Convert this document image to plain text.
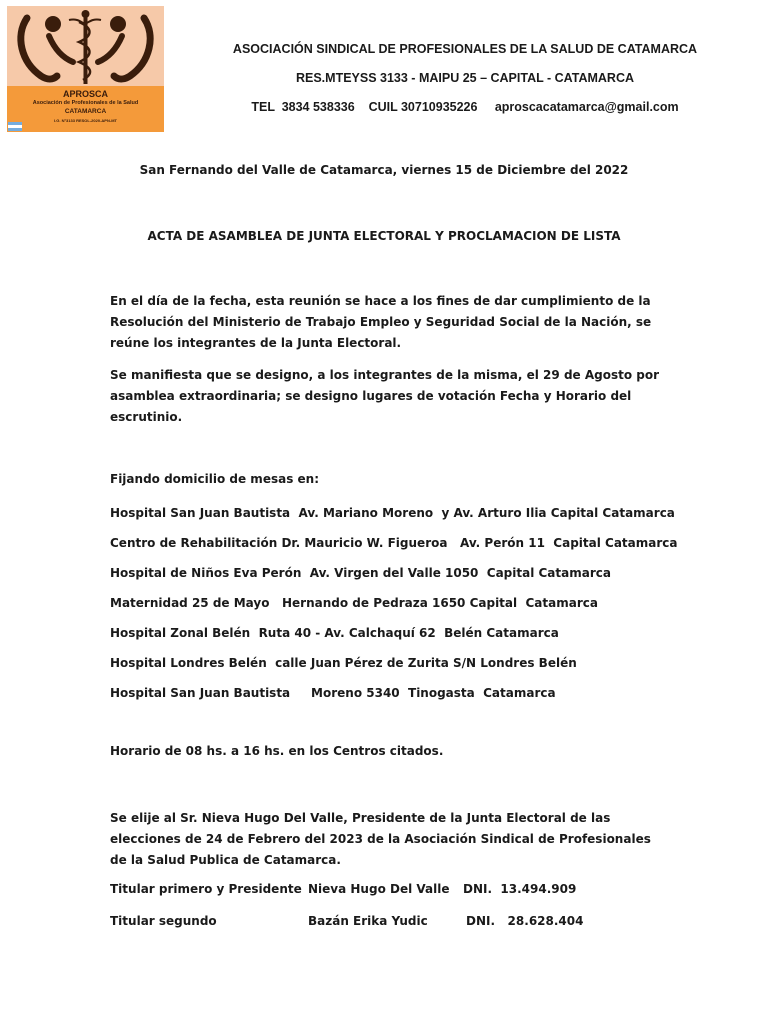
APROSCA
Asociación de Profesionales de la Salud
CATAMARCA
I.G. N°3133 RESOL-2020-APN-MT
ASOCIACIÓN SINDICAL DE PROFESIONALES DE LA SALUD DE CATAMARCA
RES.MTEYSS 3133 - MAIPU 25 – CAPITAL - CATAMARCA
TEL  3834 538336    CUIL 30710935226     aproscacatamarca@gmail.com
San Fernando del Valle de Catamarca, viernes 15 de Diciembre del 2022
ACTA DE ASAMBLEA DE JUNTA ELECTORAL Y PROCLAMACION DE LISTA
En el día de la fecha, esta reunión se hace a los fines de dar cumplimiento de la Resolución del Ministerio de Trabajo Empleo y Seguridad Social de la Nación, se reúne los integrantes de la Junta Electoral.
Se manifiesta que se designo, a los integrantes de la misma, el 29 de Agosto por asamblea extraordinaria; se designo lugares de votación Fecha y Horario del escrutinio.
Fijando domicilio de mesas en:
Hospital San Juan Bautista  Av. Mariano Moreno  y Av. Arturo Ilia Capital Catamarca
Centro de Rehabilitación Dr. Mauricio W. Figueroa   Av. Perón 11  Capital Catamarca
Hospital de Niños Eva Perón  Av. Virgen del Valle 1050  Capital Catamarca
Maternidad 25 de Mayo   Hernando de Pedraza 1650 Capital  Catamarca
Hospital Zonal Belén  Ruta 40 - Av. Calchaquí 62  Belén Catamarca
Hospital Londres Belén  calle Juan Pérez de Zurita S/N Londres Belén
Hospital San Juan Bautista     Moreno 5340  Tinogasta  Catamarca
Horario de 08 hs. a 16 hs. en los Centros citados.
Se elije al Sr. Nieva Hugo Del Valle, Presidente de la Junta Electoral de las elecciones de 24 de Febrero del 2023 de la Asociación Sindical de Profesionales de la Salud Publica de Catamarca.
Titular primero y Presidente Nieva Hugo Del Valle DNI.  13.494.909
Titular segundo	Bazán Erika Yudic	DNI.   28.628.404
